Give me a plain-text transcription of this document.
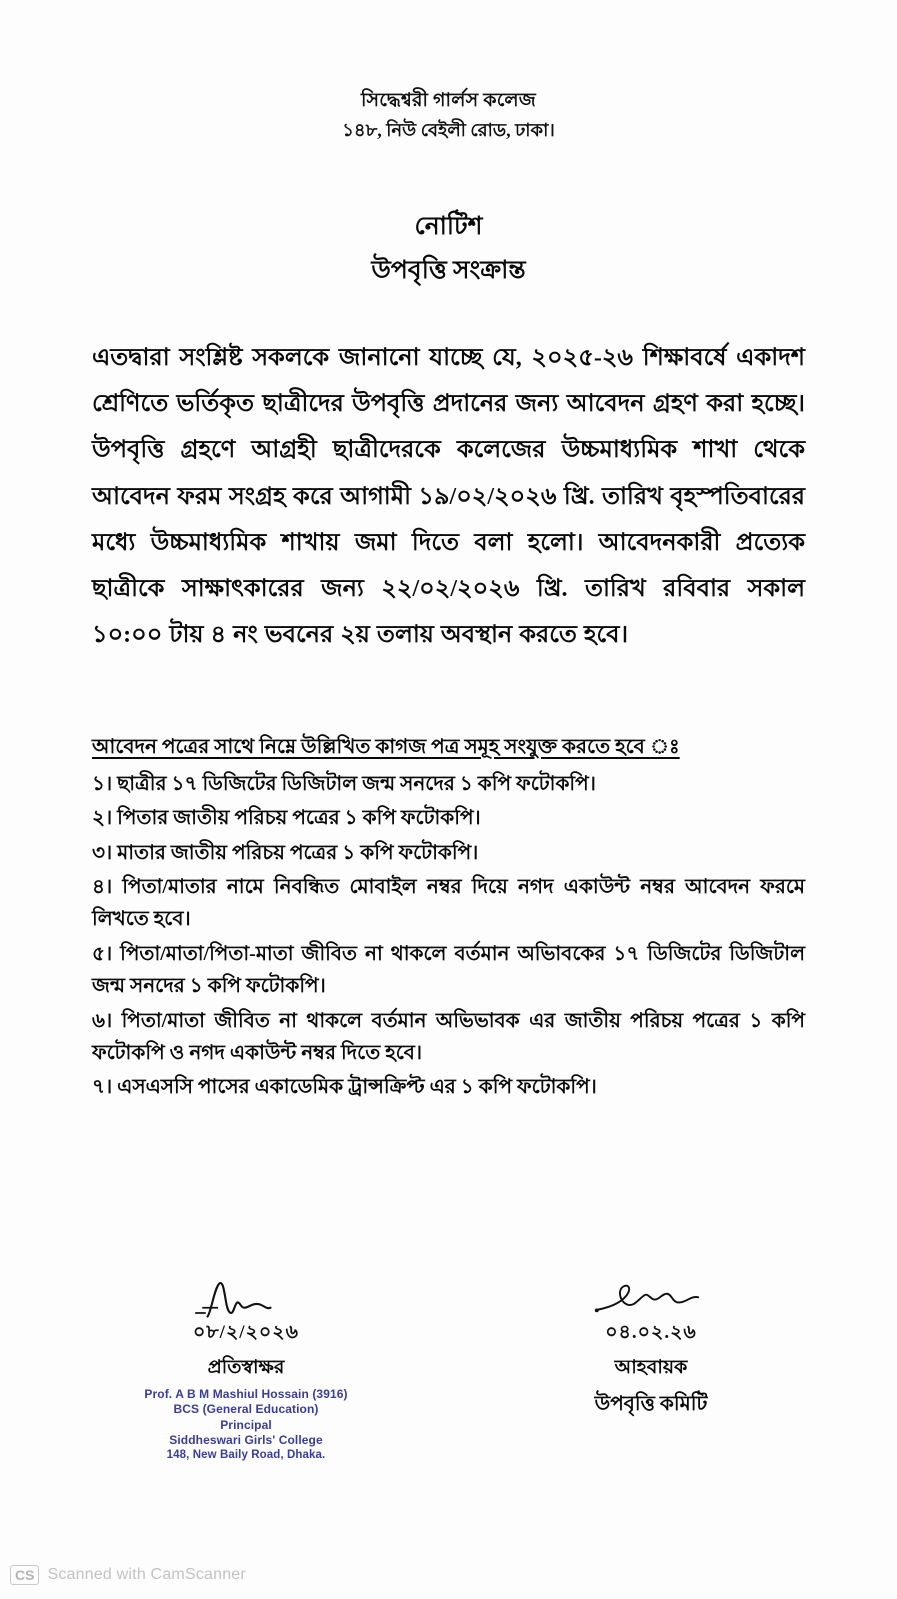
সিদ্ধেশ্বরী গার্লস কলেজ
১৪৮, নিউ বেইলী রোড, ঢাকা।
নোটিশ
উপবৃত্তি সংক্রান্ত

এতদ্বারা সংশ্লিষ্ট সকলকে জানানো যাচ্ছে যে, ২০২৫-২৬ শিক্ষাবর্ষে একাদশ শ্রেণিতে ভর্তিকৃত ছাত্রীদের উপবৃত্তি প্রদানের জন্য আবেদন গ্রহণ করা হচ্ছে। উপবৃত্তি গ্রহণে আগ্রহী ছাত্রীদেরকে কলেজের উচ্চমাধ্যমিক শাখা থেকে আবেদন ফরম সংগ্রহ করে আগামী ১৯/০২/২০২৬ খ্রি. তারিখ বৃহস্পতিবারের মধ্যে উচ্চমাধ্যমিক শাখায় জমা দিতে বলা হলো। আবেদনকারী প্রত্যেক ছাত্রীকে সাক্ষাৎকারের জন্য ২২/০২/২০২৬ খ্রি. তারিখ রবিবার সকাল ১০:০০ টায় ৪ নং ভবনের ২য় তলায় অবস্থান করতে হবে।

আবেদন পত্রের সাথে নিম্নে উল্লিখিত কাগজ পত্র সমূহ সংযুক্ত করতে হবে ঃ
১। ছাত্রীর ১৭ ডিজিটের ডিজিটাল জন্ম সনদের ১ কপি ফটোকপি।
২। পিতার জাতীয় পরিচয় পত্রের ১ কপি ফটোকপি।
৩। মাতার জাতীয় পরিচয় পত্রের ১ কপি ফটোকপি।
৪। পিতা/মাতার নামে নিবন্ধিত মোবাইল নম্বর দিয়ে নগদ একাউন্ট নম্বর আবেদন ফরমে লিখতে হবে।
৫। পিতা/মাতা/পিতা-মাতা জীবিত না থাকলে বর্তমান অভিাবকের ১৭ ডিজিটের ডিজিটাল জন্ম সনদের ১ কপি ফটোকপি।
৬। পিতা/মাতা জীবিত না থাকলে বর্তমান অভিভাবক এর জাতীয় পরিচয় পত্রের ১ কপি ফটোকপি ও নগদ একাউন্ট নম্বর দিতে হবে।
৭। এসএসসি পাসের একাডেমিক ট্রান্সক্রিপ্ট এর ১ কপি ফটোকপি।
০৮/২/২০২৬
প্রতিস্বাক্ষর
Prof. A B M Mashiul Hossain (3916)
BCS (General Education)
Principal
Siddheswari Girls' College
148, New Baily Road, Dhaka.
০৪.০২.২৬
আহবায়ক
উপবৃত্তি কমিটি
CS Scanned with CamScanner
